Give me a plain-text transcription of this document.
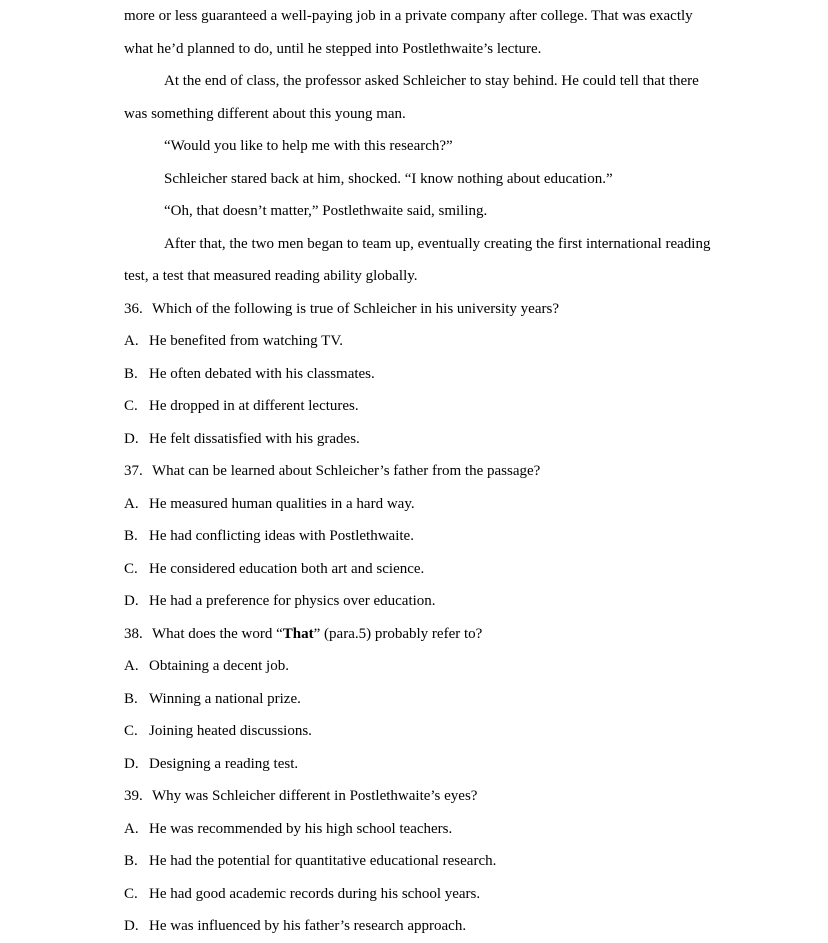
more or less guaranteed a well-paying job in a private company after college. That was exactly

what he’d planned to do, until he stepped into Postlethwaite’s lecture.

At the end of class, the professor asked Schleicher to stay behind. He could tell that there

was something different about this young man.

“Would you like to help me with this research?”

Schleicher stared back at him, shocked. “I know nothing about education.”

“Oh, that doesn’t matter,” Postlethwaite said, smiling.

After that, the two men began to team up, eventually creating the first international reading

test, a test that measured reading ability globally.

36. Which of the following is true of Schleicher in his university years?

A. He benefited from watching TV.

B. He often debated with his classmates.

C. He dropped in at different lectures.

D. He felt dissatisfied with his grades.

37. What can be learned about Schleicher’s father from the passage?

A. He measured human qualities in a hard way.

B. He had conflicting ideas with Postlethwaite.

C. He considered education both art and science.

D. He had a preference for physics over education.

38. What does the word “That” (para.5) probably refer to?

A. Obtaining a decent job.

B. Winning a national prize.

C. Joining heated discussions.

D. Designing a reading test.

39. Why was Schleicher different in Postlethwaite’s eyes?

A. He was recommended by his high school teachers.

B. He had the potential for quantitative educational research.

C. He had good academic records during his school years.

D. He was influenced by his father’s research approach.
